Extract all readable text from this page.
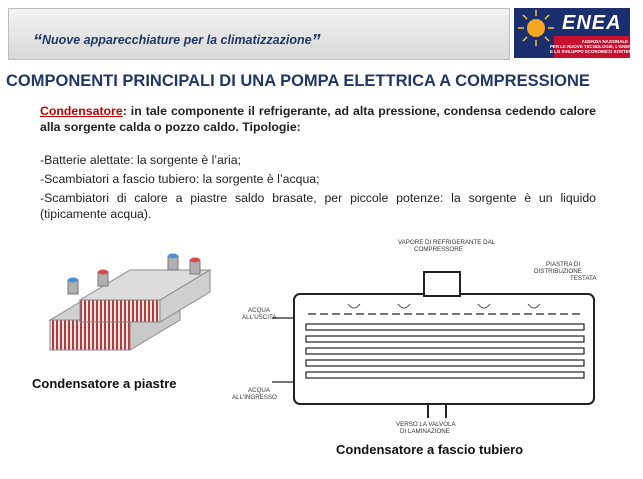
“Nuove apparecchiature per la climatizzazione”
ENEA
AGENZIA NAZIONALE
PER LE NUOVE TECNOLOGIE, L'ENERGIA
E LO SVILUPPO ECONOMICO SOSTENIBILE
COMPONENTI PRINCIPALI DI UNA POMPA ELETTRICA A COMPRESSIONE
Condensatore: in tale componente il refrigerante, ad alta pressione, condensa cedendo calore alla sorgente calda o pozzo caldo. Tipologie:
-Batterie alettate: la sorgente è l’aria;
-Scambiatori a fascio tubiero: la sorgente è l’acqua;
-Scambiatori di calore a piastre saldo brasate, per piccole potenze: la sorgente è un liquido (tipicamente acqua).
Condensatore a piastre
VAPORE DI REFRIGERANTE DAL
COMPRESSORE
PIASTRA DI
DISTRIBUZIONE
TESTATA
ACQUA
ALL'USCITA
ACQUA
ALL'INGRESSO
VERSO LA VALVOLA
DI LAMINAZIONE
Condensatore a fascio tubiero
